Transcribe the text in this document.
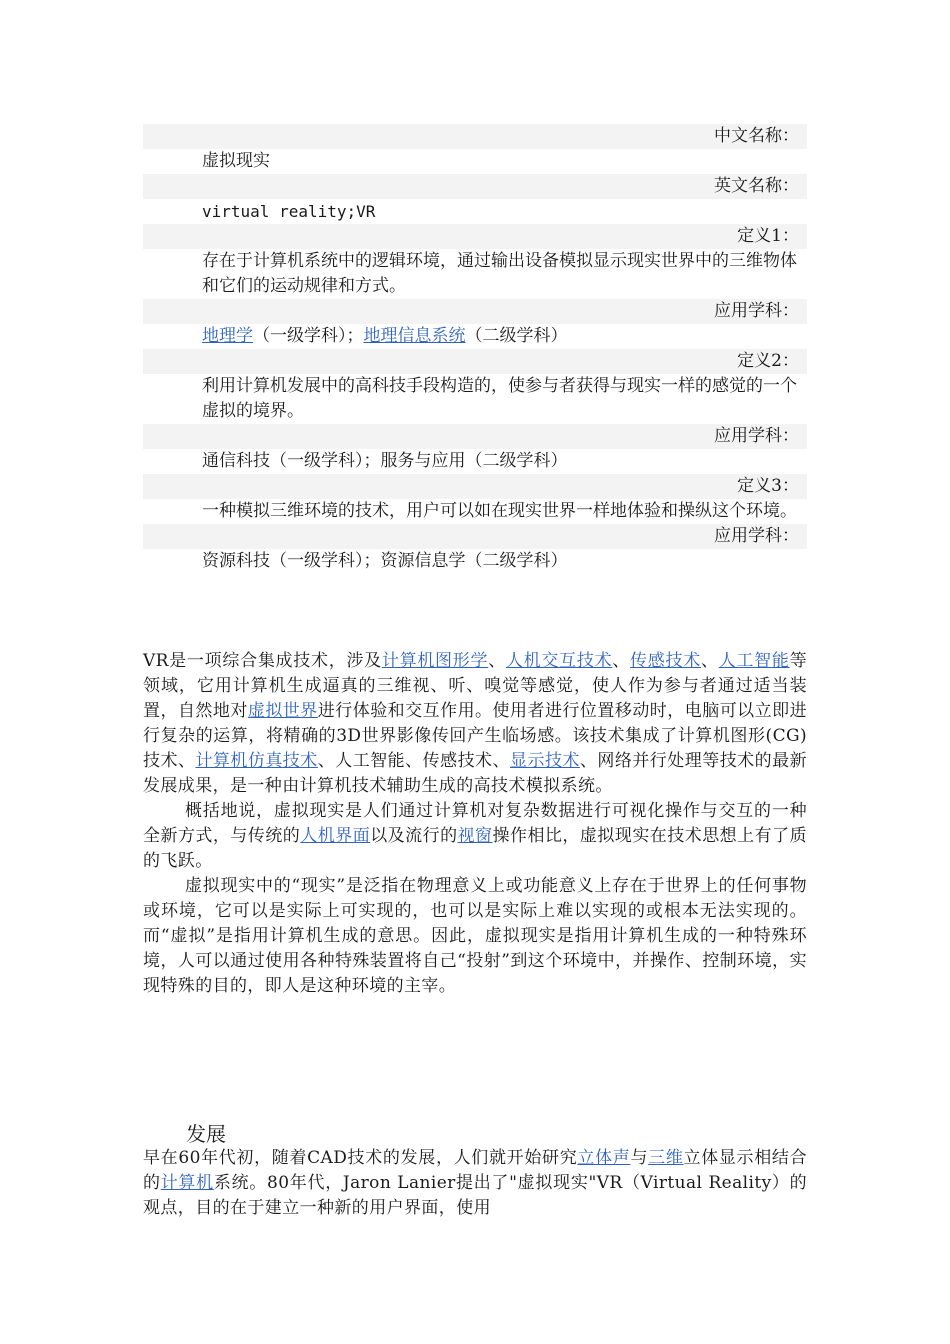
中文名称：
虚拟现实
英文名称：
virtual reality;VR
定义1：
存在于计算机系统中的逻辑环境，通过输出设备模拟显示现实世界中的三维物体和它们的运动规律和方式。
应用学科：
地理学（一级学科）；地理信息系统（二级学科）
定义2：
利用计算机发展中的高科技手段构造的，使参与者获得与现实一样的感觉的一个虚拟的境界。
应用学科：
通信科技（一级学科）；服务与应用（二级学科）
定义3：
一种模拟三维环境的技术，用户可以如在现实世界一样地体验和操纵这个环境。
应用学科：
资源科技（一级学科）；资源信息学（二级学科）

VR是一项综合集成技术，涉及计算机图形学、人机交互技术、传感技术、人工智能等领域，它用计算机生成逼真的三维视、听、嗅觉等感觉，使人作为参与者通过适当装置，自然地对虚拟世界进行体验和交互作用。使用者进行位置移动时，电脑可以立即进行复杂的运算，将精确的3D世界影像传回产生临场感。该技术集成了计算机图形(CG)技术、计算机仿真技术、人工智能、传感技术、显示技术、网络并行处理等技术的最新发展成果，是一种由计算机技术辅助生成的高技术模拟系统。

概括地说，虚拟现实是人们通过计算机对复杂数据进行可视化操作与交互的一种全新方式，与传统的人机界面以及流行的视窗操作相比，虚拟现实在技术思想上有了质的飞跃。

虚拟现实中的“现实”是泛指在物理意义上或功能意义上存在于世界上的任何事物或环境，它可以是实际上可实现的，也可以是实际上难以实现的或根本无法实现的。而“虚拟”是指用计算机生成的意思。因此，虚拟现实是指用计算机生成的一种特殊环境，人可以通过使用各种特殊装置将自己“投射”到这个环境中，并操作、控制环境，实现特殊的目的，即人是这种环境的主宰。

发展

早在60年代初，随着CAD技术的发展，人们就开始研究立体声与三维立体显示相结合的计算机系统。80年代，Jaron Lanier提出了"虚拟现实"VR（Virtual Reality）的观点，目的在于建立一种新的用户界面，使用
